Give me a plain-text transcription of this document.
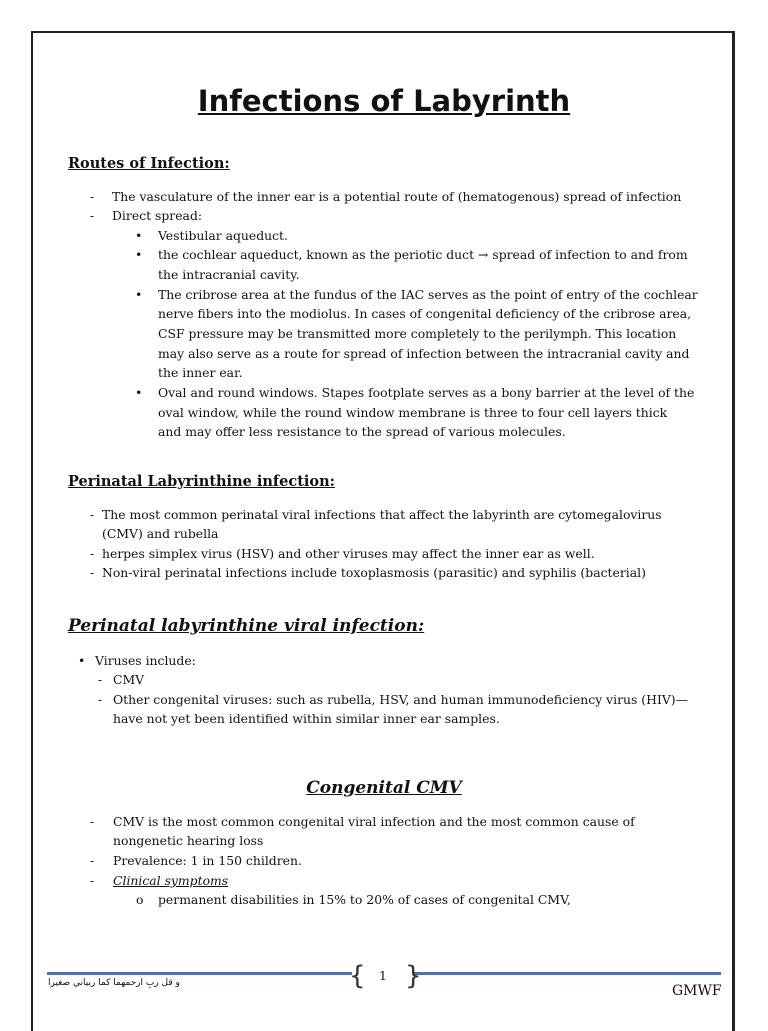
Infections of Labyrinth
Routes of Infection:
- The vasculature of the inner ear is a potential route of (hematogenous) spread of infection
- Direct spread:
• Vestibular aqueduct.
• the cochlear aqueduct, known as the periotic duct → spread of infection to and from
the intracranial cavity.
• The cribrose area at the fundus of the IAC serves as the point of entry of the cochlear
nerve fibers into the modiolus. In cases of congenital deficiency of the cribrose area,
CSF pressure may be transmitted more completely to the perilymph. This location
may also serve as a route for spread of infection between the intracranial cavity and
the inner ear.
• Oval and round windows. Stapes footplate serves as a bony barrier at the level of the
oval window, while the round window membrane is three to four cell layers thick
and may offer less resistance to the spread of various molecules.
Perinatal Labyrinthine infection:
- The most common perinatal viral infections that affect the labyrinth are cytomegalovirus
(CMV) and rubella
- herpes simplex virus (HSV) and other viruses may affect the inner ear as well.
- Non-viral perinatal infections include toxoplasmosis (parasitic) and syphilis (bacterial)
Perinatal labyrinthine viral infection:
• Viruses include:
- CMV
- Other congenital viruses: such as rubella, HSV, and human immunodeficiency virus (HIV)—
have not yet been identified within similar inner ear samples.
Congenital CMV
- CMV is the most common congenital viral infection and the most common cause of
nongenetic hearing loss
- Prevalence: 1 in 150 children.
- Clinical symptoms
o permanent disabilities in 15% to 20% of cases of congenital CMV,
{ }
1
و قل ربِ ارحمهما كما ربياني صغيرا	GMWF
